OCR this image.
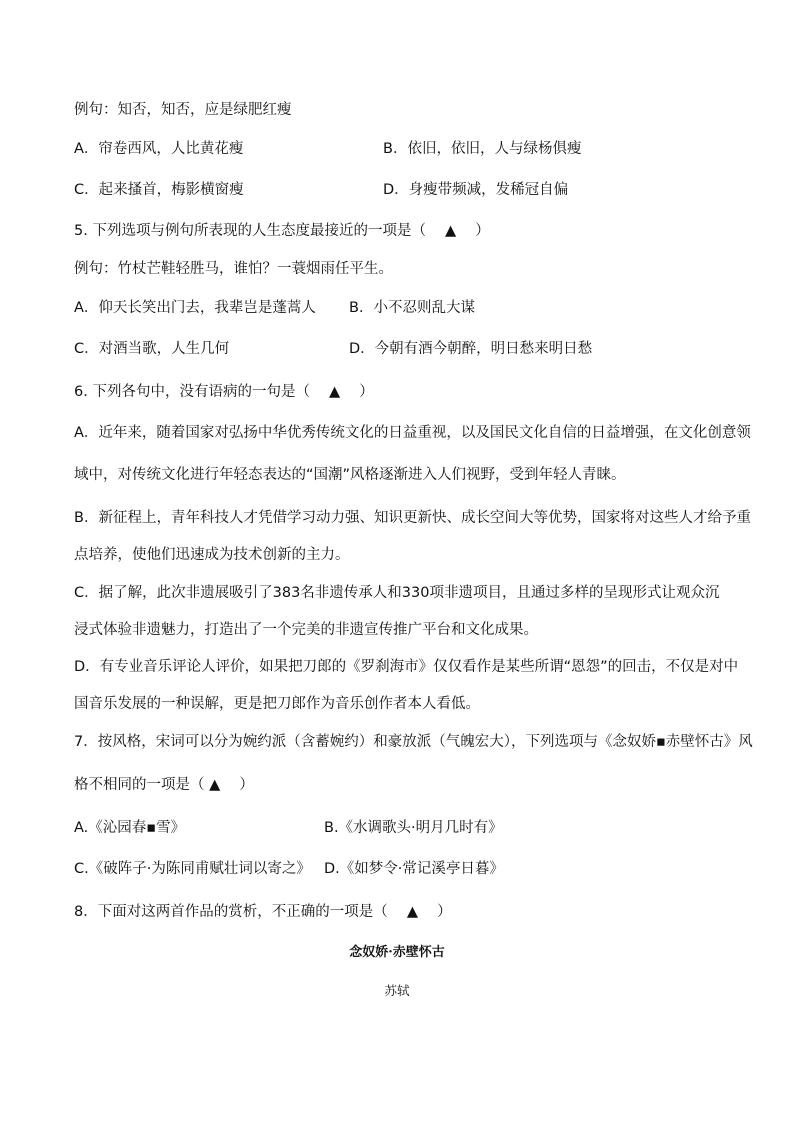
例句：知否，知否，应是绿肥红瘦
A．帘卷西风，人比黄花瘦	B．依旧，依旧，人与绿杨俱瘦
C．起来搔首，梅影横窗瘦	D．身瘦带频减，发稀冠自偏
5. 下列选项与例句所表现的人生态度最接近的一项是（　 ▲　 ）
例句：竹杖芒鞋轻胜马，谁怕？一蓑烟雨任平生。
A．仰天长笑出门去，我辈岂是蓬蒿人 B．小不忍则乱大谋
C．对酒当歌，人生几何	D．今朝有酒今朝醉，明日愁来明日愁
6. 下列各句中，没有语病的一句是（　 ▲　 ）
A．近年来，随着国家对弘扬中华优秀传统文化的日益重视，以及国民文化自信的日益增强，在文化创意领
域中，对传统文化进行年轻态表达的“国潮”风格逐渐进入人们视野，受到年轻人青睐。
B．新征程上，青年科技人才凭借学习动力强、知识更新快、成长空间大等优势，国家将对这些人才给予重
点培养，使他们迅速成为技术创新的主力。
C．据了解，此次非遗展吸引了383名非遗传承人和330项非遗项目，且通过多样的呈现形式让观众沉
浸式体验非遗魅力，打造出了一个完美的非遗宣传推广平台和文化成果。
D．有专业音乐评论人评价，如果把刀郎的《罗刹海市》仅仅看作是某些所谓“恩怨”的回击，不仅是对中
国音乐发展的一种误解，更是把刀郎作为音乐创作者本人看低。
7．按风格，宋词可以分为婉约派（含蓄婉约）和豪放派（气魄宏大），下列选项与《念奴娇▪赤壁怀古》风
格不相同的一项是（ ▲　 ）
A.《沁园春▪雪》	B.《水调歌头·明月几时有》
C.《破阵子·为陈同甫赋壮词以寄之》 D.《如梦令·常记溪亭日暮》
8．下面对这两首作品的赏析，不正确的一项是（　 ▲　 ）
念奴娇·赤壁怀古
苏轼
